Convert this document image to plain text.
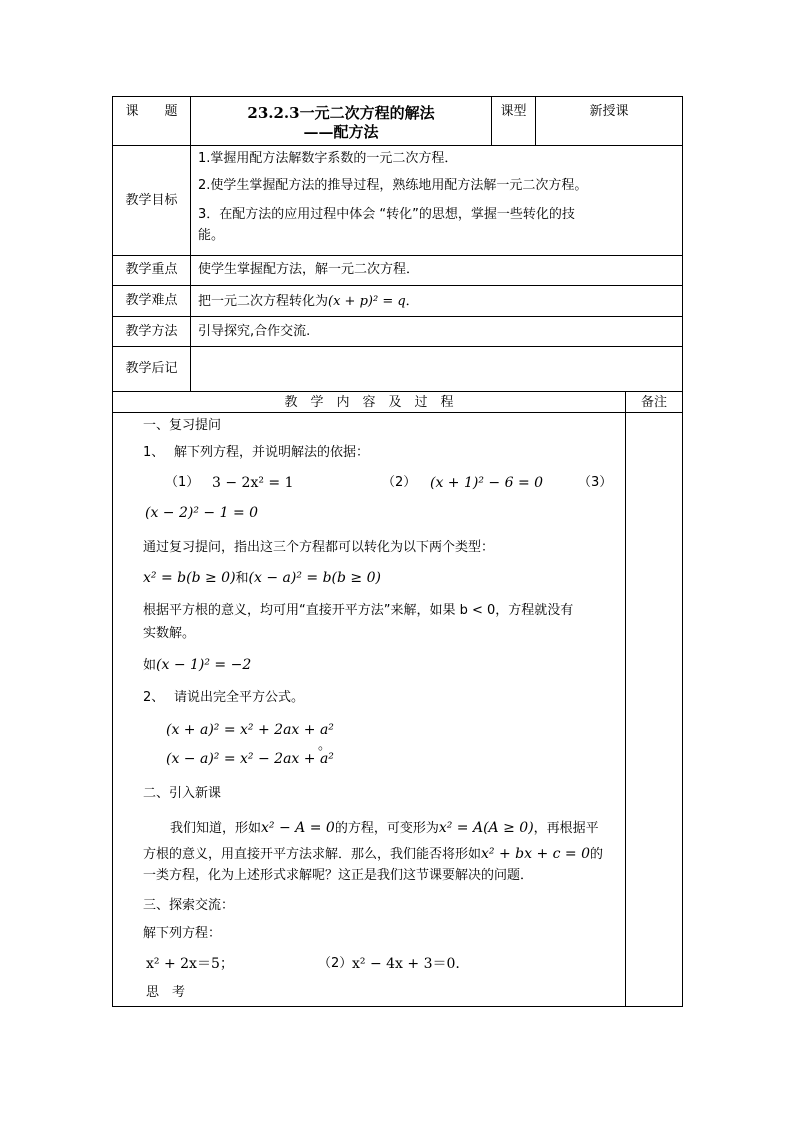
课　　题	23.2.3一元二次方程的解法
——配方法
课型	新授课
教学目标
1.掌握用配方法解数字系数的一元二次方程．
2.使学生掌握配方法的推导过程，熟练地用配方法解一元二次方程。
3．在配方法的应用过程中体会 “转化”的思想，掌握一些转化的技
能。
教学重点	使学生掌握配方法，解一元二次方程．
教学难点	把一元二次方程转化为(x + p)² = q．
教学方法	引导探究,合作交流.
教学后记
教　学　内　容　及　过　程	备注
一、复习提问
1、 解下列方程，并说明解法的依据：
（1） 3 − 2x² = 1	（2） (x + 1)² − 6 = 0	（3）
(x − 2)² − 1 = 0
通过复习提问，指出这三个方程都可以转化为以下两个类型：
x² = b(b ≥ 0)和(x − a)² = b(b ≥ 0)
根据平方根的意义，均可用“直接开平方法”来解，如果 b < 0，方程就没有
实数解。
如(x − 1)² = −2
2、 请说出完全平方公式。
(x + a)² = x² + 2ax + a²
(x − a)² = x² − 2ax + a²
。
二、引入新课
我们知道，形如x² − A = 0的方程，可变形为x² = A(A ≥ 0)，再根据平
方根的意义，用直接开平方法求解．那么，我们能否将形如x² + bx + c = 0的
一类方程，化为上述形式求解呢？这正是我们这节课要解决的问题．
三、探索交流：
解下列方程：
x² + 2x＝5；	（2） x² − 4x + 3＝0.
思　考
